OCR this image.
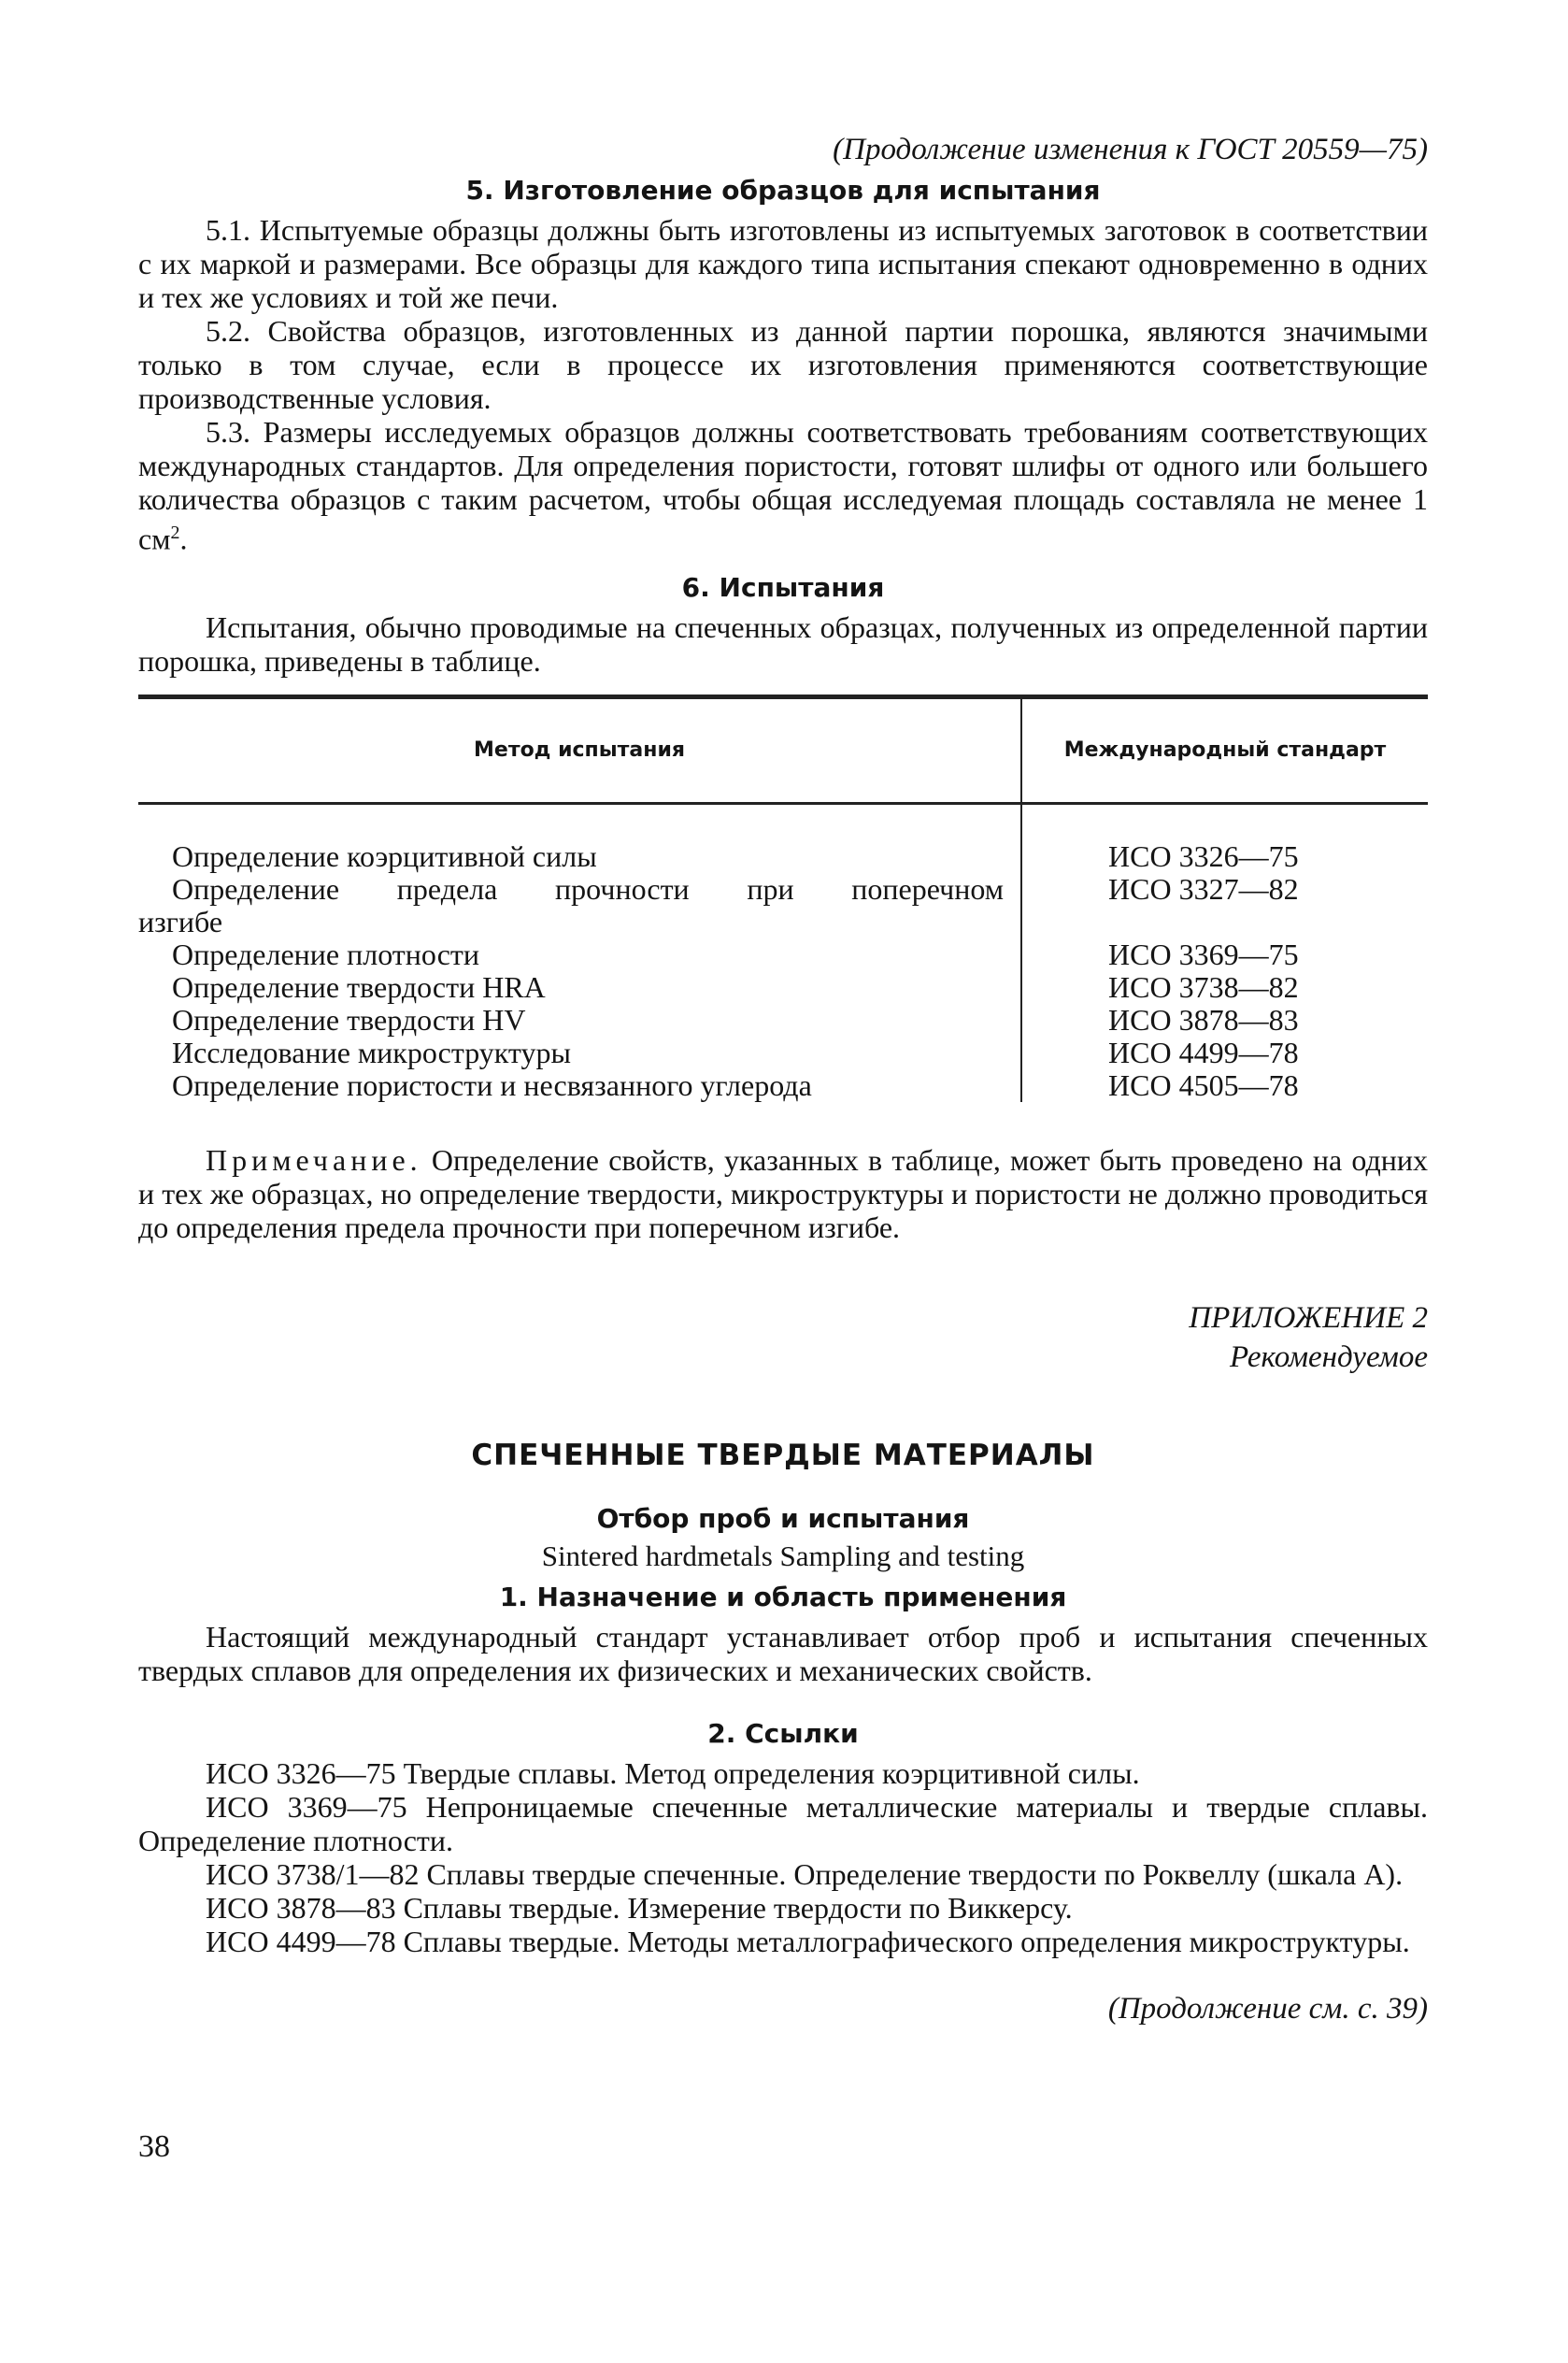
(Продолжение изменения к ГОСТ 20559—75)

5. Изготовление образцов для испытания

5.1. Испытуемые образцы должны быть изготовлены из испытуемых заготовок в соответствии с их маркой и размерами. Все образцы для каждого типа испытания спекают одновременно в одних и тех же условиях и той же печи.

5.2. Свойства образцов, изготовленных из данной партии порошка, являются значимыми только в том случае, если в процессе их изготовления применяются соответствующие производственные условия.

5.3. Размеры исследуемых образцов должны соответствовать требованиям соответствующих международных стандартов. Для определения пористости, готовят шлифы от одного или большего количества образцов с таким расчетом, чтобы общая исследуемая площадь составляла не менее 1 $см^2$.

6. Испытания

Испытания, обычно проводимые на спеченных образцах, полученных из определенной партии порошка, приведены в таблице.

Метод испытания	Международный стандарт

Определение коэрцитивной силы	ИСО 3326—75
Определение предела прочности при поперечном	ИСО 3327—82
изгибе	
Определение плотности	ИСО 3369—75
Определение твердости HRA	ИСО 3738—82
Определение твердости HV	ИСО 3878—83
Исследование микроструктуры	ИСО 4499—78
Определение пористости и несвязанного углерода	ИСО 4505—78

Примечание. Определение свойств, указанных в таблице, может быть проведено на одних и тех же образцах, но определение твердости, микроструктуры и пористости не должно проводиться до определения предела прочности при поперечном изгибе.

ПРИЛОЖЕНИЕ 2

Рекомендуемое

СПЕЧЕННЫЕ ТВЕРДЫЕ МАТЕРИАЛЫ

Отбор проб и испытания

Sintered hardmetals Sampling and testing

1. Назначение и область применения

Настоящий международный стандарт устанавливает отбор проб и испытания спеченных твердых сплавов для определения их физических и механических свойств.

2. Ссылки

ИСО 3326—75 Твердые сплавы. Метод определения коэрцитивной силы.

ИСО 3369—75 Непроницаемые спеченные металлические материалы и твердые сплавы. Определение плотности.

ИСО 3738/1—82 Сплавы твердые спеченные. Определение твердости по Роквеллу (шкала А).

ИСО 3878—83 Сплавы твердые. Измерение твердости по Виккерсу.

ИСО 4499—78 Сплавы твердые. Методы металлографического определения микроструктуры.

(Продолжение см. с. 39)

38
